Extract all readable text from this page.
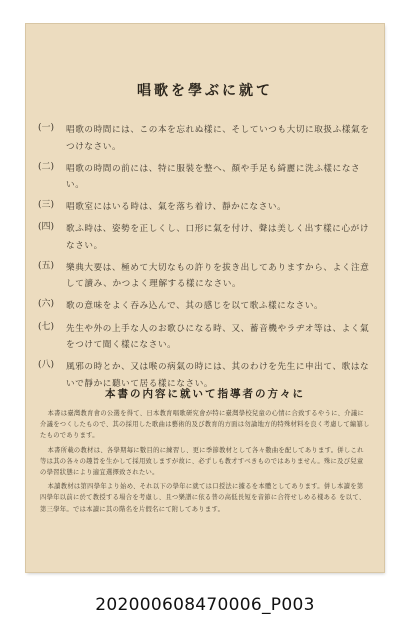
唱歌を學ぶに就て
(一)	唱歌の時間には、この本を忘れぬ樣に、そしていつも大切に取扱ふ樣氣をつけなさい。
(二)	唱歌の時間の前には、特に服裝を整へ、顏や手足も綺麗に洗ふ樣になさい。
(三)	唱歌室にはいる時は、氣を落ち着け、靜かになさい。
(四)	歌ふ時は、姿勢を正しくし、口形に氣を付け、聲は美しく出す樣に心がけなさい。
(五)	樂典大要は、極めて大切なもの許りを拔き出してありますから、よく注意して讀み、かつよく理解する樣になさい。
(六)	歌の意味をよく吞み込んで、其の感じを以て歌ふ樣になさい。
(七)	先生や外の上手な人のお歌ひになる時、又、蓄音機やラヂオ等は、よく氣をつけて聞く樣になさい。
(八)	風邪の時とか、又は喉の病氣の時には、其のわけを先生に申出て、歌はないで靜かに聽いて居る樣になさい。
本書の内容に就いて指導者の方々に

本書は臺灣教育會の公選を得て、日本教育唱歌研究會が特に臺灣學校兒童の心情に合致するやうに、介議に介議をつくしたもので、其の採用した歌曲は藝術的及び教育的方面は勿論地方的特殊材料を良く考慮して編纂したものであります。

本書所載の教材は、各學期毎に數目的に練習し、更に季節教材として各々數曲を配してあります。併しこれ等は其の各々の趣旨を生かして採用致しますが故に、必ずしも教才すべきものではありません。殊に及び兒童の學習狀態により適宜選擇致されたい。

本讀教材は第四學年より始め、それ以下の學年に就ては口授法に據るを本體としてあります。併し本讀を第四學年以前に於て教授する場合を考慮し、且つ樂譜に依る普の高低長短を音節に合符せしめる樣ある を以て、第三學年。では本讀に其の階名を片假名にて附してあります。

202000608470006_P003
